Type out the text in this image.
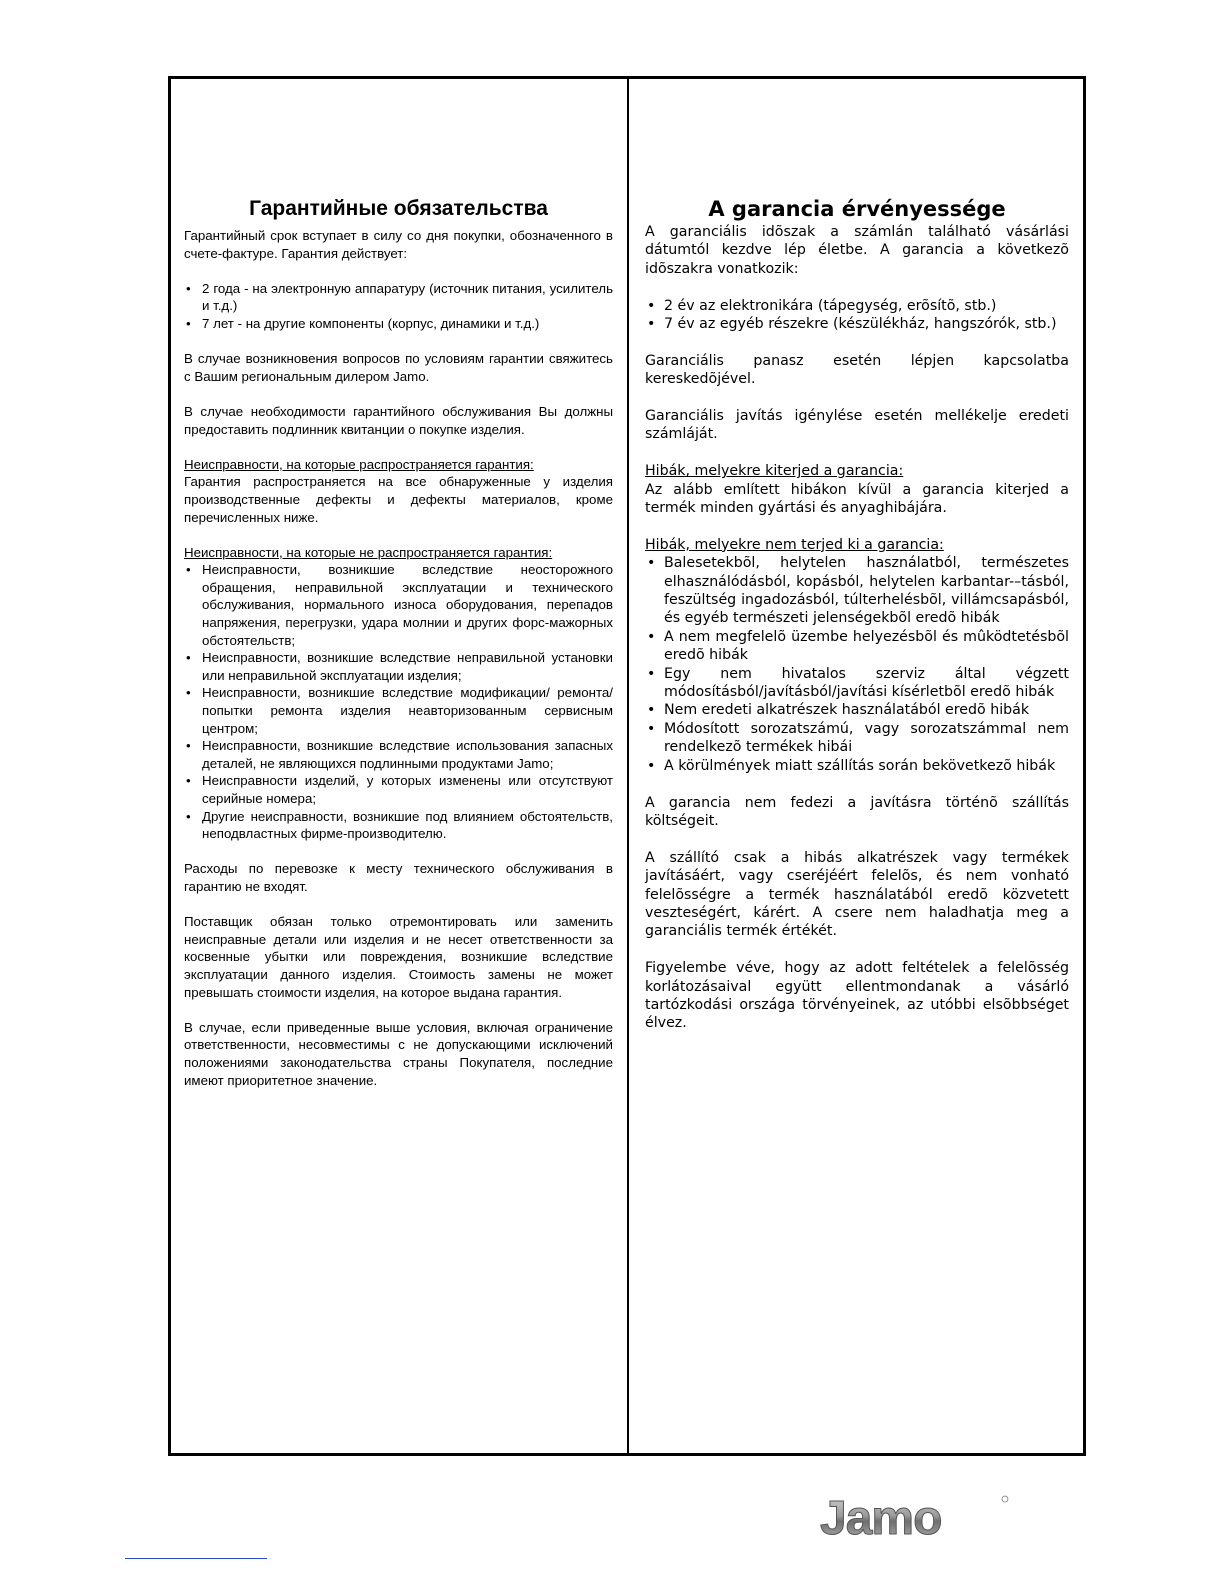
Гарантийные обязательства

Гарантийный срок вступает в силу со дня покупки, обозначенного в счете-фактуре. Гарантия действует:

• 2 года - на электронную аппаратуру (источник питания, усилитель и т.д.)
• 7 лет - на другие компоненты (корпус, динамики и т.д.)

В случае возникновения вопросов по условиям гарантии свяжитесь с Вашим региональным дилером Jamo.

В случае необходимости гарантийного обслуживания Вы должны предоставить подлинник квитанции о покупке изделия.

Неисправности, на которые распространяется гарантия:

Гарантия распространяется на все обнаруженные у изделия производственные дефекты и дефекты материалов, кроме перечисленных ниже.

Неисправности, на которые не распространяется гарантия:

• Неисправности, возникшие вследствие неосторожного обращения, неправильной эксплуатации и технического обслуживания, нормального износа оборудования, перепадов напряжения, перегрузки, удара молнии и других форс-мажорных обстоятельств;
• Неисправности, возникшие вследствие неправильной установки или неправильной эксплуатации изделия;
• Неисправности, возникшие вследствие модификации/ ремонта/попытки ремонта изделия неавторизованным сервисным центром;
• Неисправности, возникшие вследствие использования запасных деталей, не являющихся подлинными продуктами Jamo;
• Неисправности изделий, у которых изменены или отсутствуют серийные номера;
• Другие неисправности, возникшие под влиянием обстоятельств, неподвластных фирме-производителю.

Расходы по перевозке к месту технического обслуживания в гарантию не входят.

Поставщик обязан только отремонтировать или заменить неисправные детали или изделия и не несет ответственности за косвенные убытки или повреждения, возникшие вследствие эксплуатации данного изделия. Стоимость замены не может превышать стоимости изделия, на которое выдана гарантия.

В случае, если приведенные выше условия, включая ограничение ответственности, несовместимы с не допускающими исключений положениями законодательства страны Покупателя, последние имеют приоритетное значение.

A garancia érvényessége

A garanciális idõszak a számlán található vásárlási dátumtól kezdve lép életbe. A garancia a következõ idõszakra vonatkozik:

• 2 év az elektronikára (tápegység, erõsítõ, stb.)
• 7 év az egyéb részekre (készülékház, hangszórók, stb.)

Garanciális panasz esetén lépjen kapcsolatba kereskedõjével.

Garanciális javítás igénylése esetén mellékelje eredeti számláját.

Hibák, melyekre kiterjed a garancia:

Az alább említett hibákon kívül a garancia kiterjed a termék minden gyártási és anyaghibájára.

Hibák, melyekre nem terjed ki a garancia:

• Balesetekbõl, helytelen használatból, természetes elhasználódásból, kopásból, helytelen karbantar-–tásból, feszültség ingadozásból, túlterhelésbõl, villámcsapásból, és egyéb természeti jelenségekbõl eredõ hibák
• A nem megfelelõ üzembe helyezésbõl és mûködtetésbõl eredõ hibák
• Egy nem hivatalos szerviz által végzett módosításból/javításból/javítási kísérletbõl eredõ hibák
• Nem eredeti alkatrészek használatából eredõ hibák
• Módosított sorozatszámú, vagy sorozatszámmal nem rendelkezõ termékek hibái
• A körülmények miatt szállítás során bekövetkezõ hibák

A garancia nem fedezi a javításra történõ szállítás költségeit.

A szállító csak a hibás alkatrészek vagy termékek javításáért, vagy cseréjéért felelõs, és nem vonható felelõsségre a termék használatából eredõ közvetett veszteségért, kárért. A csere nem haladhatja meg a garanciális termék értékét.

Figyelembe véve, hogy az adott feltételek a felelõsség korlátozásaival együtt ellentmondanak a vásárló tartózkodási országa törvényeinek, az utóbbi elsõbbséget élvez.

Jamo
